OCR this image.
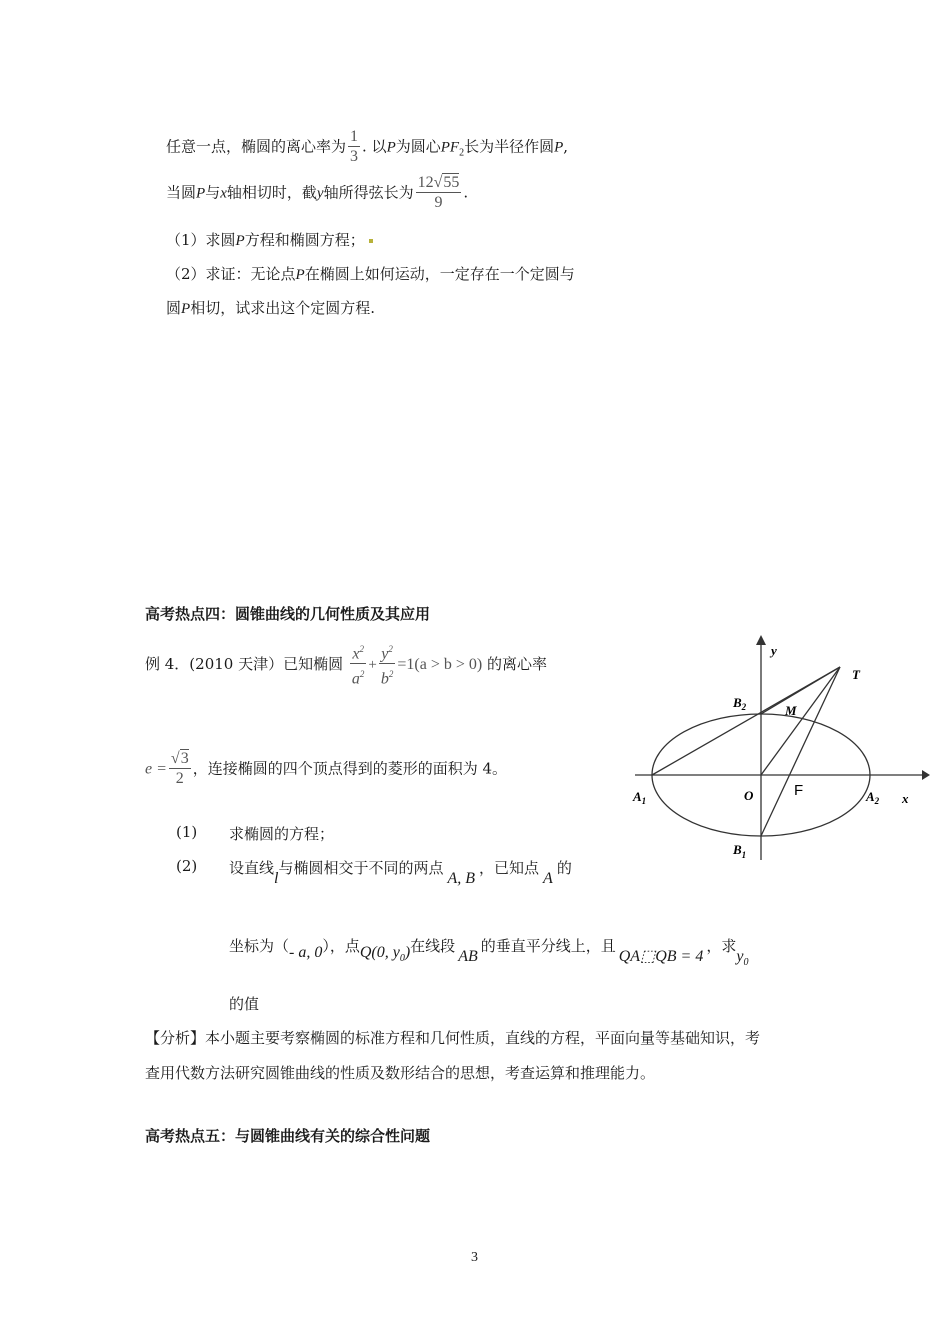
任意一点，椭圆的离心率为 $\frac{1}{3}$ . 以P为圆心$PF_2$长为半径作圆P,
当圆P与x轴相切时，截y轴所得弦长为 $\frac{12√55}{9}$ .
（1）求圆P方程和椭圆方程；
（2）求证：无论点P在椭圆上如何运动，一定存在一个定圆与
圆P相切，试求出这个定圆方程.
高考热点四：圆锥曲线的几何性质及其应用
例 4．(2010 天津）已知椭圆 $\frac{x^2}{a^2} + \frac{y^2}{b^2} =1(a > b > 0)$ 的离心率
$e = \frac{√3}{2}$ ，连接椭圆的四个顶点得到的菱形的面积为 4。
(1) 求椭圆的方程；
(2) 设直线l与椭圆相交于不同的两点A, B，已知点A的
坐标为（- a, 0），点Q(0, $y_0$)在线段AB的垂直平分线上，且QA⬚QB = 4，求$y_0$
的值
【分析】本小题主要考察椭圆的标准方程和几何性质，直线的方程，平面向量等基础知识，考
查用代数方法研究圆锥曲线的性质及数形结合的思想，考查运算和推理能力。
y
x
T
M
$B_2$
$B_1$
$A_1$	$A_2$
O	F
高考热点五：与圆锥曲线有关的综合性问题
3
